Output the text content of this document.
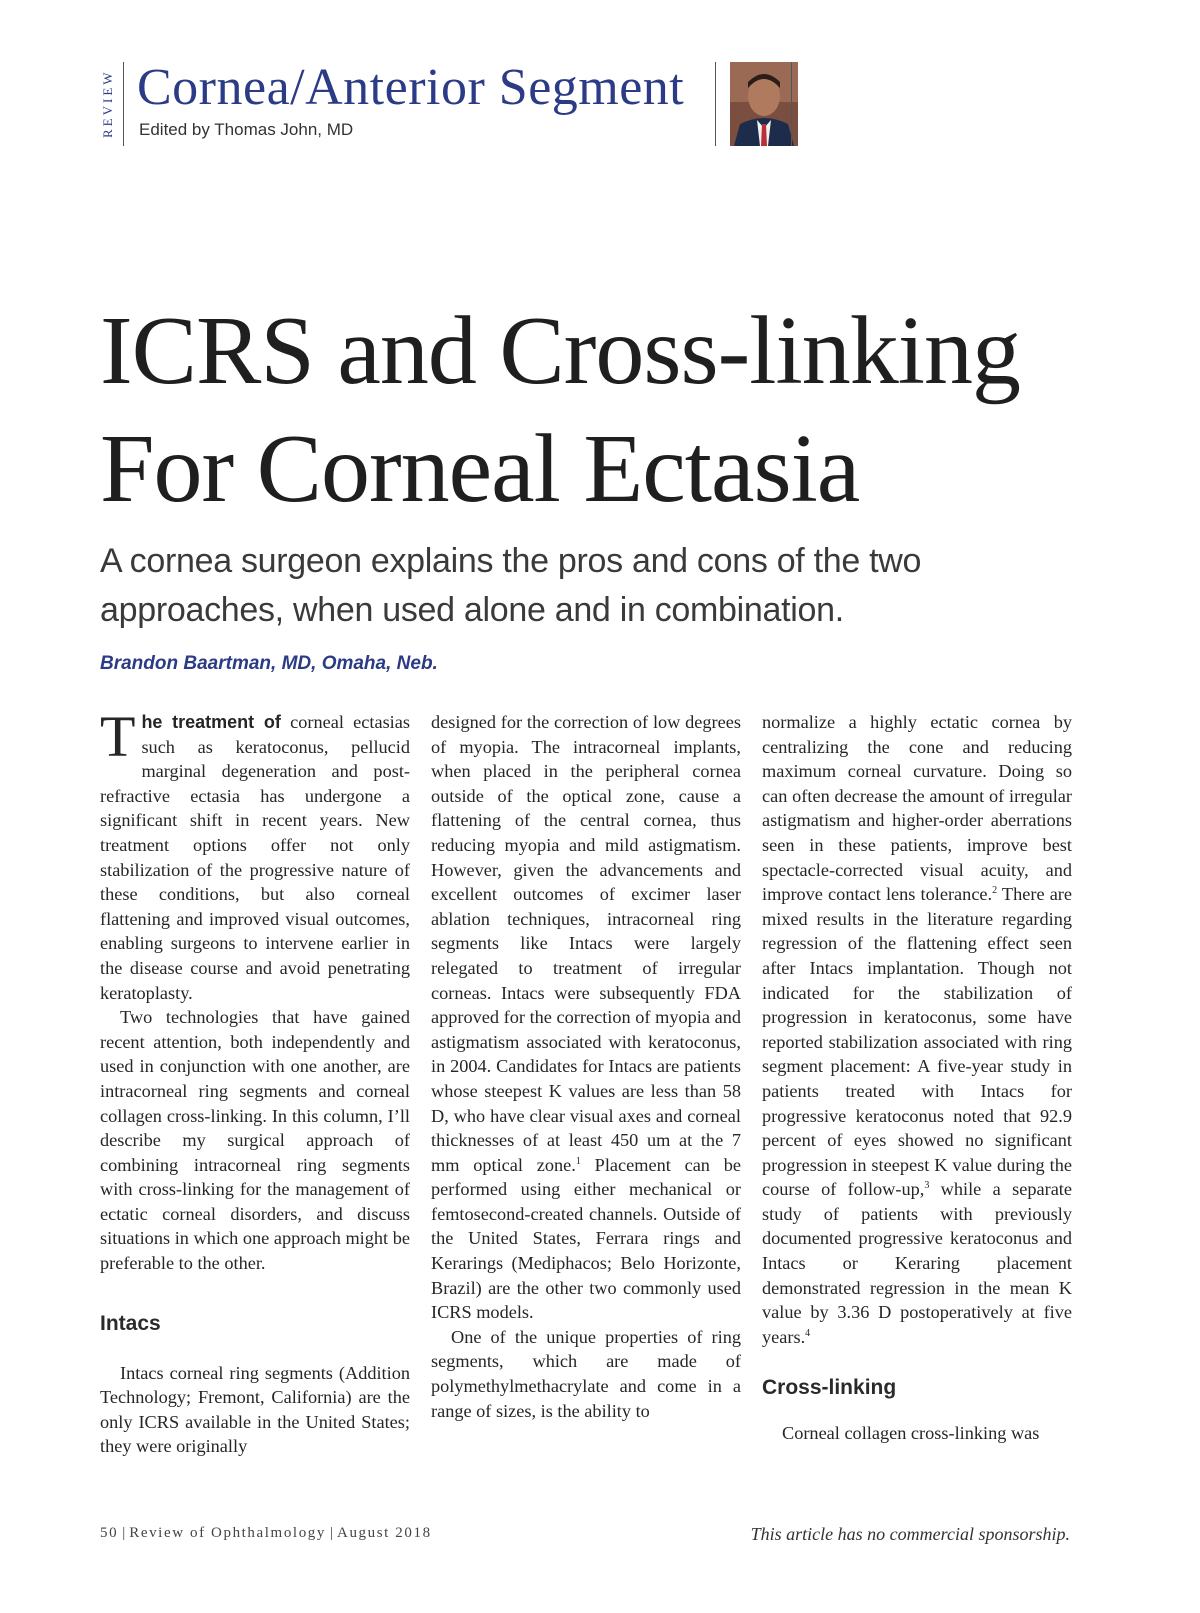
REVIEW Cornea/Anterior Segment
Edited by Thomas John, MD
ICRS and Cross-linking
For Corneal Ectasia

A cornea surgeon explains the pros and cons of the two approaches, when used alone and in combination.

Brandon Baartman, MD, Omaha, Neb.

The treatment of corneal ectasias such as keratoconus, pellucid marginal degeneration and post-refractive ectasia has undergone a significant shift in recent years. New treatment options offer not only stabilization of the progressive nature of these conditions, but also corneal flattening and improved visual outcomes, enabling surgeons to intervene earlier in the disease course and avoid penetrating keratoplasty.

Two technologies that have gained recent attention, both independently and used in conjunction with one another, are intracorneal ring segments and corneal collagen cross-linking. In this column, I’ll describe my surgical approach of combining intracorneal ring segments with cross-linking for the management of ectatic corneal disorders, and discuss situations in which one approach might be preferable to the other.

Intacs

Intacs corneal ring segments (Addition Technology; Fremont, California) are the only ICRS available in the United States; they were originally

designed for the correction of low degrees of myopia. The intracorneal implants, when placed in the peripheral cornea outside of the optical zone, cause a flattening of the central cornea, thus reducing myopia and mild astigmatism. However, given the advancements and excellent outcomes of excimer laser ablation techniques, intracorneal ring segments like Intacs were largely relegated to treatment of irregular corneas. Intacs were subsequently FDA approved for the correction of myopia and astigmatism associated with keratoconus, in 2004. Candidates for Intacs are patients whose steepest K values are less than 58 D, who have clear visual axes and corneal thicknesses of at least 450 um at the 7 mm optical zone.$^1$ Placement can be performed using either mechanical or femtosecond-created channels. Outside of the United States, Ferrara rings and Kerarings (Mediphacos; Belo Horizonte, Brazil) are the other two commonly used ICRS models.

One of the unique properties of ring segments, which are made of polymethylmethacrylate and come in a range of sizes, is the ability to

normalize a highly ectatic cornea by centralizing the cone and reducing maximum corneal curvature. Doing so can often decrease the amount of irregular astigmatism and higher-order aberrations seen in these patients, improve best spectacle-corrected visual acuity, and improve contact lens tolerance.$^2$ There are mixed results in the literature regarding regression of the flattening effect seen after Intacs implantation. Though not indicated for the stabilization of progression in keratoconus, some have reported stabilization associated with ring segment placement: A five-year study in patients treated with Intacs for progressive keratoconus noted that 92.9 percent of eyes showed no significant progression in steepest K value during the course of follow-up,$^3$ while a separate study of patients with previously documented progressive keratoconus and Intacs or Keraring placement demonstrated regression in the mean K value by 3.36 D postoperatively at five years.$^4$

Cross-linking

Corneal collagen cross-linking was

50 | Review of Ophthalmology | August 2018	This article has no commercial sponsorship.
